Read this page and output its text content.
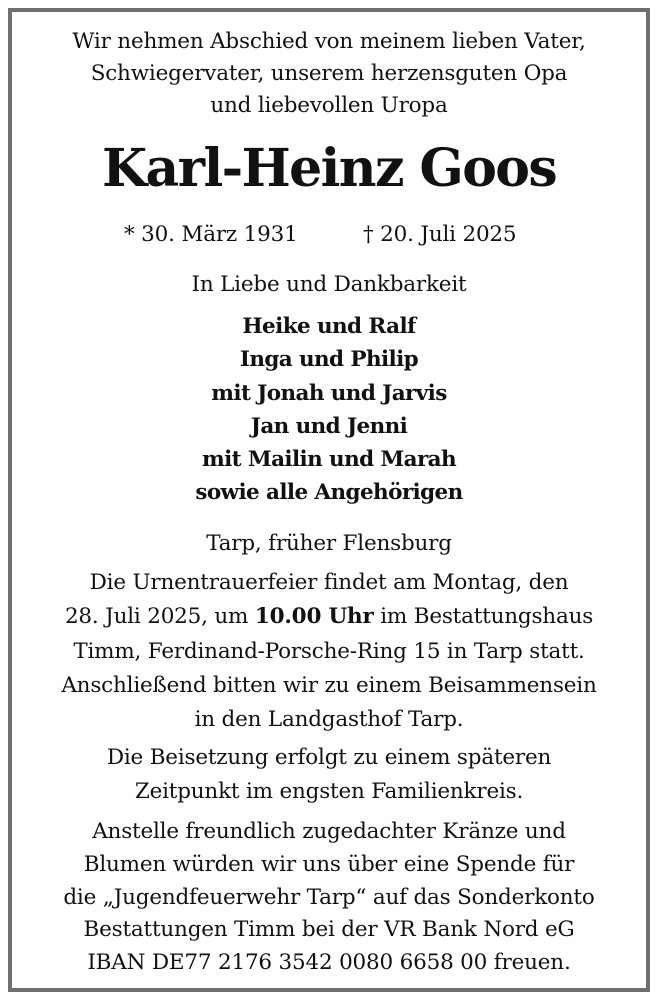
Wir nehmen Abschied von meinem lieben Vater,
Schwiegervater, unserem herzensguten Opa
und liebevollen Uropa
Karl-Heinz Goos
* 30. März 1931	† 20. Juli 2025
In Liebe und Dankbarkeit
Heike und Ralf
Inga und Philip
mit Jonah und Jarvis
Jan und Jenni
mit Mailin und Marah
sowie alle Angehörigen
Tarp, früher Flensburg
Die Urnentrauerfeier findet am Montag, den
28. Juli 2025, um 10.00 Uhr im Bestattungshaus
Timm, Ferdinand-Porsche-Ring 15 in Tarp statt.
Anschließend bitten wir zu einem Beisammensein
in den Landgasthof Tarp.
Die Beisetzung erfolgt zu einem späteren
Zeitpunkt im engsten Familienkreis.
Anstelle freundlich zugedachter Kränze und
Blumen würden wir uns über eine Spende für
die „Jugendfeuerwehr Tarp“ auf das Sonderkonto
Bestattungen Timm bei der VR Bank Nord eG
IBAN DE77 2176 3542 0080 6658 00 freuen.
